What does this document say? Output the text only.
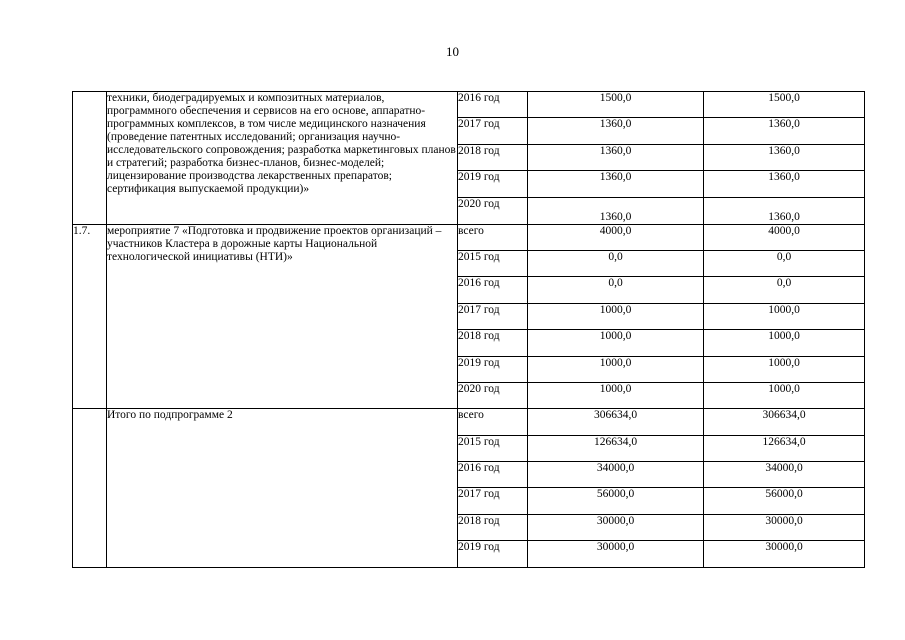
10
	техники, биодеградируемых и композитных материалов, программного обеспечения и сервисов на его основе, аппаратно-программных комплексов, в том числе медицинского назначения (проведение патентных исследований; организация научно-исследовательского сопровождения; разработка маркетинговых планов и стратегий; разработка бизнес-планов, бизнес-моделей; лицензирование производства лекарственных препаратов; сертификация выпускаемой продукции)»	2016 год	1500,0	1500,0
		2017 год	1360,0	1360,0
		2018 год	1360,0	1360,0
		2019 год	1360,0	1360,0
		2020 год	1360,0	1360,0
1.7.	мероприятие 7 «Подготовка и продвижение проектов организаций – участников Кластера в дорожные карты Национальной технологической инициативы (НТИ)»	всего	4000,0	4000,0
		2015 год	0,0	0,0
		2016 год	0,0	0,0
		2017 год	1000,0	1000,0
		2018 год	1000,0	1000,0
		2019 год	1000,0	1000,0
		2020 год	1000,0	1000,0
	Итого по подпрограмме 2	всего	306634,0	306634,0
		2015 год	126634,0	126634,0
		2016 год	34000,0	34000,0
		2017 год	56000,0	56000,0
		2018 год	30000,0	30000,0
		2019 год	30000,0	30000,0
